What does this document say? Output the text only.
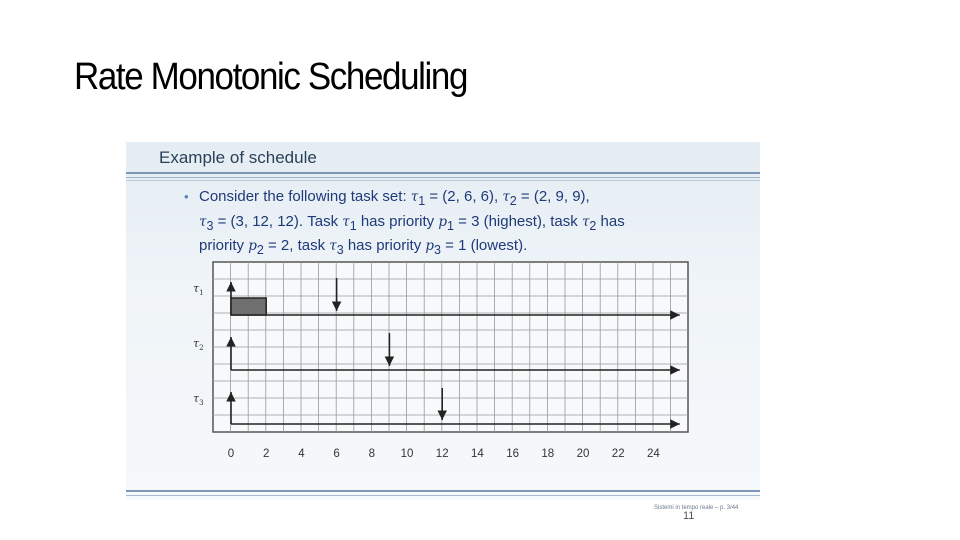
Rate Monotonic Scheduling
Example of schedule
• Consider the following task set: $\tau_1 = (2$, 6, 6), $\tau_2 = (2$, 9, 9),
$\tau_3 = (3$, 12, 12). Task $\tau_1$ has priority $p_1 = 3$ (highest), task $\tau_2$ has
priority $p_2 = 2$, task $\tau_3$ has priority $p_3 = 1$ (lowest).
$\tau_1$
$\tau_2$
$\tau_3$
0	2	4	6	8 10 12 14 16 18 20 22 24
Sistemi in tempo reale – p. 3/44
11
